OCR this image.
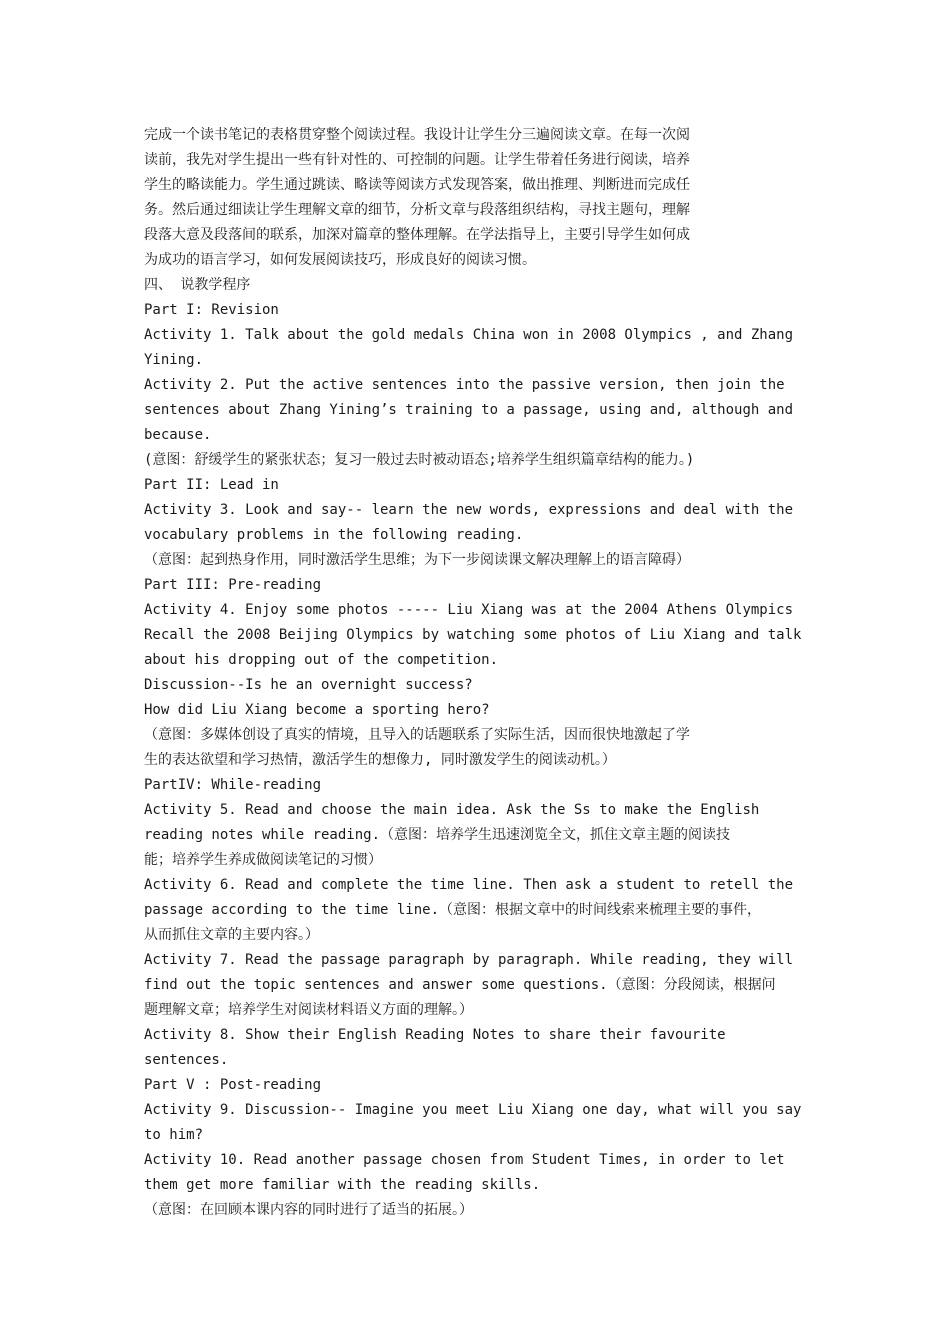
完成一个读书笔记的表格贯穿整个阅读过程。我设计让学生分三遍阅读文章。在每一次阅
读前，我先对学生提出一些有针对性的、可控制的问题。让学生带着任务进行阅读，培养
学生的略读能力。学生通过跳读、略读等阅读方式发现答案，做出推理、判断进而完成任
务。然后通过细读让学生理解文章的细节，分析文章与段落组织结构，寻找主题句，理解
段落大意及段落间的联系，加深对篇章的整体理解。在学法指导上，主要引导学生如何成
为成功的语言学习，如何发展阅读技巧，形成良好的阅读习惯。
四、 说教学程序
Part I: Revision
Activity 1. Talk about the gold medals China won in 2008 Olympics , and Zhang
Yining.
Activity 2. Put the active sentences into the passive version, then join the
sentences about Zhang Yining’s training to a passage, using and, although and
because.
(意图：舒缓学生的紧张状态；复习一般过去时被动语态;培养学生组织篇章结构的能力。)
Part II: Lead in
Activity 3. Look and say-- learn the new words, expressions and deal with the
vocabulary problems in the following reading.
（意图：起到热身作用，同时激活学生思维；为下一步阅读课文解决理解上的语言障碍）
Part III: Pre-reading
Activity 4. Enjoy some photos ----- Liu Xiang was at the 2004 Athens Olympics
Recall the 2008 Beijing Olympics by watching some photos of Liu Xiang and talk
about his dropping out of the competition.
Discussion--Is he an overnight success?
How did Liu Xiang become a sporting hero?
（意图：多媒体创设了真实的情境，且导入的话题联系了实际生活，因而很快地激起了学
生的表达欲望和学习热情，激活学生的想像力, 同时激发学生的阅读动机。）
PartIV: While-reading
Activity 5. Read and choose the main idea. Ask the Ss to make the English
reading notes while reading.（意图：培养学生迅速浏览全文，抓住文章主题的阅读技
能；培养学生养成做阅读笔记的习惯）
Activity 6. Read and complete the time line. Then ask a student to retell the
passage according to the time line.（意图：根据文章中的时间线索来梳理主要的事件，
从而抓住文章的主要内容。）
Activity 7. Read the passage paragraph by paragraph. While reading, they will
find out the topic sentences and answer some questions.（意图：分段阅读，根据问
题理解文章；培养学生对阅读材料语义方面的理解。）
Activity 8. Show their English Reading Notes to share their favourite
sentences.
Part V : Post-reading
Activity 9. Discussion-- Imagine you meet Liu Xiang one day, what will you say
to him?
Activity 10. Read another passage chosen from Student Times, in order to let
them get more familiar with the reading skills.
（意图：在回顾本课内容的同时进行了适当的拓展。）
